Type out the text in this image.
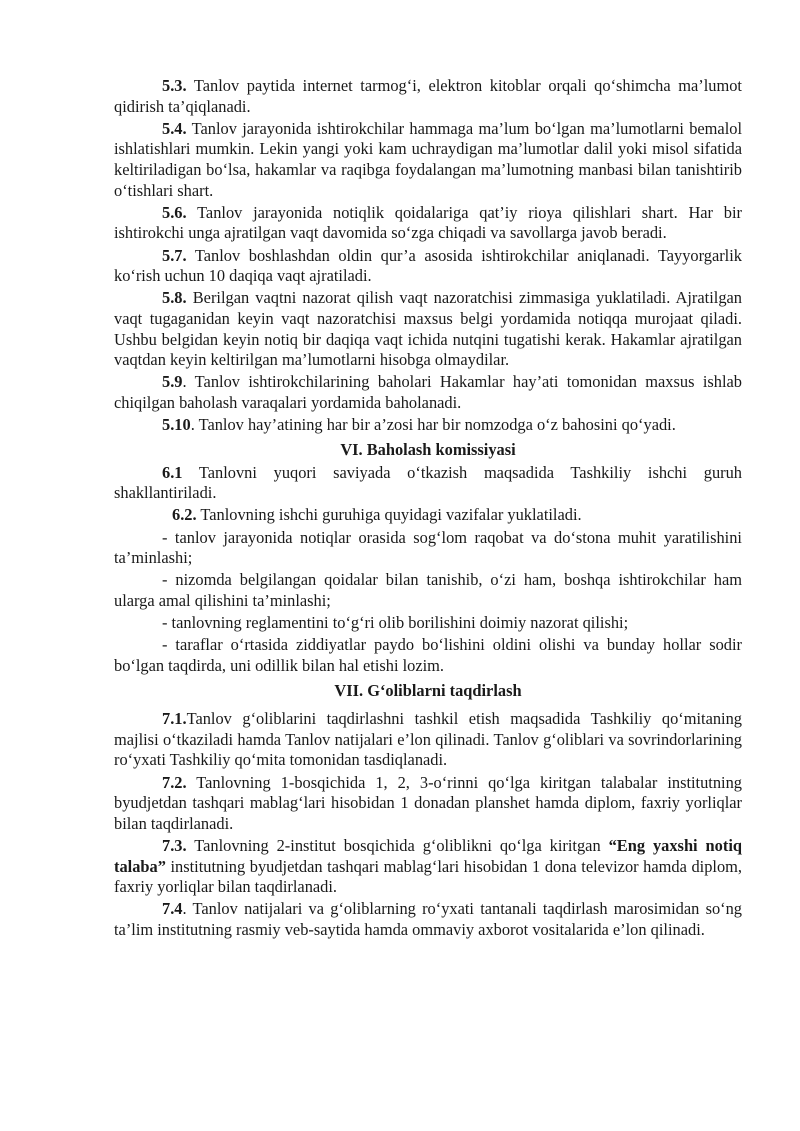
5.3. Tanlov paytida internet tarmog‘i, elektron kitoblar orqali qo‘shimcha ma’lumot qidirish ta’qiqlanadi.

5.4. Tanlov jarayonida ishtirokchilar hammaga ma’lum bo‘lgan ma’lumotlarni bemalol ishlatishlari mumkin. Lekin yangi yoki kam uchraydigan ma’lumotlar dalil yoki misol sifatida keltiriladigan bo‘lsa, hakamlar va raqibga foydalangan ma’lumotning manbasi bilan tanishtirib o‘tishlari shart.

5.6. Tanlov jarayonida notiqlik qoidalariga qat’iy rioya qilishlari shart. Har bir ishtirokchi unga ajratilgan vaqt davomida so‘zga chiqadi va savollarga javob beradi.

5.7. Tanlov boshlashdan oldin qur’a asosida ishtirokchilar aniqlanadi. Tayyorgarlik ko‘rish uchun 10 daqiqa vaqt ajratiladi.

5.8. Berilgan vaqtni nazorat qilish vaqt nazoratchisi zimmasiga yuklatiladi. Ajratilgan vaqt tugaganidan keyin vaqt nazoratchisi maxsus belgi yordamida notiqqa murojaat qiladi. Ushbu belgidan keyin notiq bir daqiqa vaqt ichida nutqini tugatishi kerak. Hakamlar ajratilgan vaqtdan keyin keltirilgan ma’lumotlarni hisobga olmaydilar.

5.9. Tanlov ishtirokchilarining baholari Hakamlar hay’ati tomonidan maxsus ishlab chiqilgan baholash varaqalari yordamida baholanadi.

5.10. Tanlov hay’atining har bir a’zosi har bir nomzodga o‘z bahosini qo‘yadi.

VI. Baholash komissiyasi

6.1 Tanlovni yuqori saviyada o‘tkazish maqsadida Tashkiliy ishchi guruh shakllantiriladi.

6.2. Tanlovning ishchi guruhiga quyidagi vazifalar yuklatiladi.

- tanlov jarayonida notiqlar orasida sog‘lom raqobat va do‘stona muhit yaratilishini ta’minlashi;

- nizomda belgilangan qoidalar bilan tanishib, o‘zi ham, boshqa ishtirokchilar ham ularga amal qilishini ta’minlashi;

- tanlovning reglamentini to‘g‘ri olib borilishini doimiy nazorat qilishi;

- taraflar o‘rtasida ziddiyatlar paydo bo‘lishini oldini olishi va bunday hollar sodir bo‘lgan taqdirda, uni odillik bilan hal etishi lozim.

VII. G‘oliblarni taqdirlash

7.1.Tanlov g‘oliblarini taqdirlashni tashkil etish maqsadida Tashkiliy qo‘mitaning majlisi o‘tkaziladi hamda Tanlov natijalari e’lon qilinadi. Tanlov g‘oliblari va sovrindorlarining ro‘yxati Tashkiliy qo‘mita tomonidan tasdiqlanadi.

7.2. Tanlovning 1-bosqichida 1, 2, 3-o‘rinni qo‘lga kiritgan talabalar institutning byudjetdan tashqari mablag‘lari hisobidan 1 donadan planshet hamda diplom, faxriy yorliqlar bilan taqdirlanadi.

7.3. Tanlovning 2-institut bosqichida g‘oliblikni qo‘lga kiritgan “Eng yaxshi notiq talaba” institutning byudjetdan tashqari mablag‘lari hisobidan 1 dona televizor hamda diplom, faxriy yorliqlar bilan taqdirlanadi.

7.4. Tanlov natijalari va g‘oliblarning ro‘yxati tantanali taqdirlash marosimidan so‘ng ta’lim institutning rasmiy veb-saytida hamda ommaviy axborot vositalarida e’lon qilinadi.
